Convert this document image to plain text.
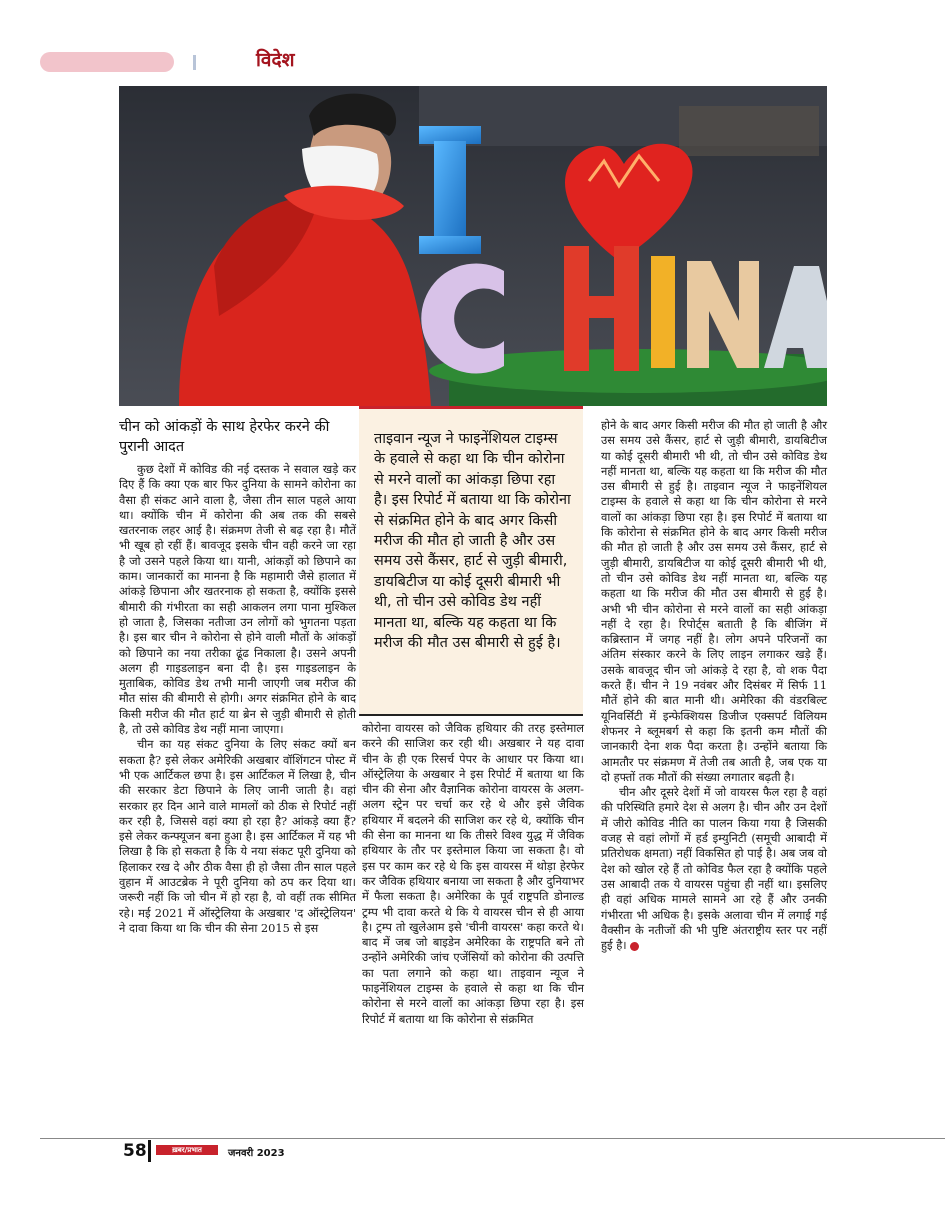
विदेश
चीन को आंकड़ों के साथ हेरफेर करने की पुरानी आदत

कुछ देशों में कोविड की नई दस्तक ने सवाल खड़े कर दिए हैं कि क्या एक बार फिर दुनिया के सामने कोरोना का वैसा ही संकट आने वाला है, जैसा तीन साल पहले आया था। क्योंकि चीन में कोरोना की अब तक की सबसे खतरनाक लहर आई है। संक्रमण तेजी से बढ़ रहा है। मौतें भी खूब हो रहीं हैं। बावजूद इसके चीन वही करने जा रहा है जो उसने पहले किया था। यानी, आंकड़ों को छिपाने का काम। जानकारों का मानना है कि महामारी जैसे हालात में आंकड़े छिपाना और खतरनाक हो सकता है, क्योंकि इससे बीमारी की गंभीरता का सही आकलन लगा पाना मुश्किल हो जाता है, जिसका नतीजा उन लोगों को भुगतना पड़ता है। इस बार चीन ने कोरोना से होने वाली मौतों के आंकड़ों को छिपाने का नया तरीका ढूंढ निकाला है। उसने अपनी अलग ही गाइडलाइन बना दी है। इस गाइडलाइन के मुताबिक, कोविड डेथ तभी मानी जाएगी जब मरीज की मौत सांस की बीमारी से होगी। अगर संक्रमित होने के बाद किसी मरीज की मौत हार्ट या ब्रेन से जुड़ी बीमारी से होती है, तो उसे कोविड डेथ नहीं माना जाएगा।

चीन का यह संकट दुनिया के लिए संकट क्यों बन सकता है? इसे लेकर अमेरिकी अखबार वॉशिंगटन पोस्ट में भी एक आर्टिकल छपा है। इस आर्टिकल में लिखा है, चीन की सरकार डेटा छिपाने के लिए जानी जाती है। वहां सरकार हर दिन आने वाले मामलों को ठीक से रिपोर्ट नहीं कर रही है, जिससे वहां क्या हो रहा है? आंकड़े क्या हैं? इसे लेकर कन्फ्यूजन बना हुआ है। इस आर्टिकल में यह भी लिखा है कि हो सकता है कि ये नया संकट पूरी दुनिया को हिलाकर रख दे और ठीक वैसा ही हो जैसा तीन साल पहले वुहान में आउटब्रेक ने पूरी दुनिया को ठप कर दिया था। जरूरी नहीं कि जो चीन में हो रहा है, वो वहीं तक सीमित रहे। मई 2021 में ऑस्ट्रेलिया के अखबार 'द ऑस्ट्रेलियन' ने दावा किया था कि चीन की सेना 2015 से इस

ताइवान न्यूज ने फाइनेंशियल टाइम्स के हवाले से कहा था कि चीन कोरोना से मरने वालों का आंकड़ा छिपा रहा है। इस रिपोर्ट में बताया था कि कोरोना से संक्रमित होने के बाद अगर किसी मरीज की मौत हो जाती है और उस समय उसे कैंसर, हार्ट से जुड़ी बीमारी, डायबिटीज या कोई दूसरी बीमारी भी थी, तो चीन उसे कोविड डेथ नहीं मानता था, बल्कि यह कहता था कि मरीज की मौत उस बीमारी से हुई है।

कोरोना वायरस को जैविक हथियार की तरह इस्तेमाल करने की साजिश कर रही थी। अखबार ने यह दावा चीन के ही एक रिसर्च पेपर के आधार पर किया था। ऑस्ट्रेलिया के अखबार ने इस रिपोर्ट में बताया था कि चीन की सेना और वैज्ञानिक कोरोना वायरस के अलग-अलग स्ट्रेन पर चर्चा कर रहे थे और इसे जैविक हथियार में बदलने की साजिश कर रहे थे, क्योंकि चीन की सेना का मानना था कि तीसरे विश्व युद्ध में जैविक हथियार के तौर पर इस्तेमाल किया जा सकता है। वो इस पर काम कर रहे थे कि इस वायरस में थोड़ा हेरफेर कर जैविक हथियार बनाया जा सकता है और दुनियाभर में फैला सकता है। अमेरिका के पूर्व राष्ट्रपति डोनाल्ड ट्रम्प भी दावा करते थे कि ये वायरस चीन से ही आया है। ट्रम्प तो खुलेआम इसे 'चीनी वायरस' कहा करते थे। बाद में जब जो बाइडेन अमेरिका के राष्ट्रपति बने तो उन्होंने अमेरिकी जांच एजेंसियों को कोरोना की उत्पत्ति का पता लगाने को कहा था। ताइवान न्यूज ने फाइनेंशियल टाइम्स के हवाले से कहा था कि चीन कोरोना से मरने वालों का आंकड़ा छिपा रहा है। इस रिपोर्ट में बताया था कि कोरोना से संक्रमित

होने के बाद अगर किसी मरीज की मौत हो जाती है और उस समय उसे कैंसर, हार्ट से जुड़ी बीमारी, डायबिटीज या कोई दूसरी बीमारी भी थी, तो चीन उसे कोविड डेथ नहीं मानता था, बल्कि यह कहता था कि मरीज की मौत उस बीमारी से हुई है। ताइवान न्यूज ने फाइनेंशियल टाइम्स के हवाले से कहा था कि चीन कोरोना से मरने वालों का आंकड़ा छिपा रहा है। इस रिपोर्ट में बताया था कि कोरोना से संक्रमित होने के बाद अगर किसी मरीज की मौत हो जाती है और उस समय उसे कैंसर, हार्ट से जुड़ी बीमारी, डायबिटीज या कोई दूसरी बीमारी भी थी, तो चीन उसे कोविड डेथ नहीं मानता था, बल्कि यह कहता था कि मरीज की मौत उस बीमारी से हुई है। अभी भी चीन कोरोना से मरने वालों का सही आंकड़ा नहीं दे रहा है। रिपोर्ट्स बताती है कि बीजिंग में कब्रिस्तान में जगह नहीं है। लोग अपने परिजनों का अंतिम संस्कार करने के लिए लाइन लगाकर खड़े हैं। उसके बावजूद चीन जो आंकड़े दे रहा है, वो शक पैदा करते हैं। चीन ने 19 नवंबर और दिसंबर में सिर्फ 11 मौतें होने की बात मानी थी। अमेरिका की वंडरबिल्ट यूनिवर्सिटी में इन्फेक्शियस डिजीज एक्सपर्ट विलियम शेफनर ने ब्लूमबर्ग से कहा कि इतनी कम मौतों की जानकारी देना शक पैदा करता है। उन्होंने बताया कि आमतौर पर संक्रमण में तेजी तब आती है, जब एक या दो हफ्तों तक मौतों की संख्या लगातार बढ़ती है।

चीन और दूसरे देशों में जो वायरस फैल रहा है वहां की परिस्थिति हमारे देश से अलग है। चीन और उन देशों में जीरो कोविड नीति का पालन किया गया है जिसकी वजह से वहां लोगों में हर्ड इम्युनिटी (समूची आबादी में प्रतिरोधक क्षमता) नहीं विकसित हो पाई है। अब जब वो देश को खोल रहे हैं तो कोविड फैल रहा है क्योंकि पहले उस आबादी तक ये वायरस पहुंचा ही नहीं था। इसलिए ही वहां अधिक मामले सामने आ रहे हैं और उनकी गंभीरता भी अधिक है। इसके अलावा चीन में लगाई गई वैक्सीन के नतीजों की भी पुष्टि अंतराष्ट्रीय स्तर पर नहीं हुई है।

58	ख़बर/प्रभात	जनवरी 2023
